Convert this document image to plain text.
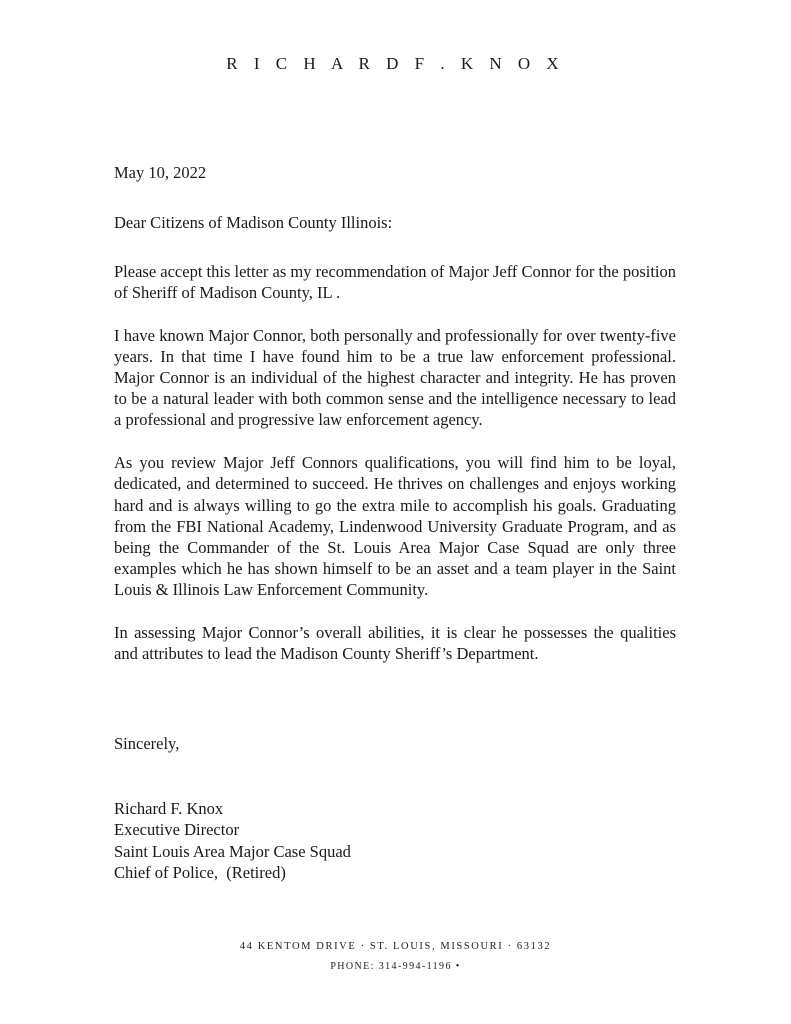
R I C H A R D F . K N O X
May 10, 2022
Dear Citizens of Madison County Illinois:

Please accept this letter as my recommendation of Major Jeff Connor for the position of Sheriff of Madison County, IL .

I have known Major Connor, both personally and professionally for over twenty-five years. In that time I have found him to be a true law enforcement professional. Major Connor is an individual of the highest character and integrity. He has proven to be a natural leader with both common sense and the intelligence necessary to lead a professional and progressive law enforcement agency.

As you review Major Jeff Connors qualifications, you will find him to be loyal, dedicated, and determined to succeed. He thrives on challenges and enjoys working hard and is always willing to go the extra mile to accomplish his goals. Graduating from the FBI National Academy, Lindenwood University Graduate Program, and as being the Commander of the St. Louis Area Major Case Squad are only three examples which he has shown himself to be an asset and a team player in the Saint Louis & Illinois Law Enforcement Community.

In assessing Major Connor’s overall abilities, it is clear he possesses the qualities and attributes to lead the Madison County Sheriff’s Department.

Sincerely,
Richard F. Knox
Executive Director
Saint Louis Area Major Case Squad
Chief of Police,  (Retired)
44 KENTOM DRIVE · ST. LOUIS, MISSOURI · 63132
PHONE: 314-994-1196 •
